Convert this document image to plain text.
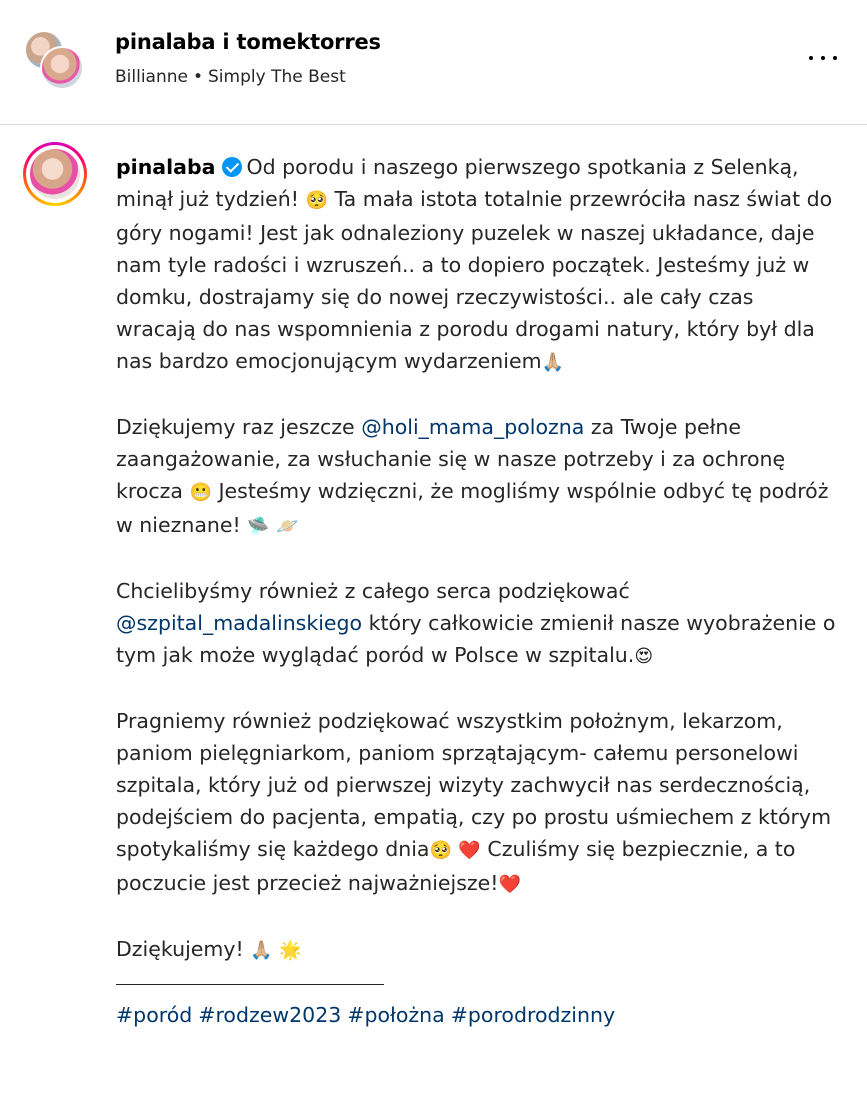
pinalaba i tomektorres
Billianne • Simply The Best

pinalaba Od porodu i naszego pierwszego spotkania z Selenką, minął już tydzień! 🥺 Ta mała istota totalnie przewróciła nasz świat do góry nogami! Jest jak odnaleziony puzelek w naszej układance, daje nam tyle radości i wzruszeń.. a to dopiero początek. Jesteśmy już w domku, dostrajamy się do nowej rzeczywistości.. ale cały czas wracają do nas wspomnienia z porodu drogami natury, który był dla nas bardzo emocjonującym wydarzeniem🙏🏼

Dziękujemy raz jeszcze @holi_mama_polozna za Twoje pełne zaangażowanie, za wsłuchanie się w nasze potrzeby i za ochronę krocza 😬 Jesteśmy wdzięczni, że mogliśmy wspólnie odbyć tę podróż w nieznane! 🛸 🪐

Chcielibyśmy również z całego serca podziękować @szpital_madalinskiego który całkowicie zmienił nasze wyobrażenie o tym jak może wyglądać poród w Polsce w szpitalu.😍

Pragniemy również podziękować wszystkim położnym, lekarzom, paniom pielęgniarkom, paniom sprzątającym- całemu personelowi szpitala, który już od pierwszej wizyty zachwycił nas serdecznością, podejściem do pacjenta, empatią, czy po prostu uśmiechem z którym spotykaliśmy się każdego dnia🥺 ❤️ Czuliśmy się bezpiecznie, a to poczucie jest przecież najważniejsze!❤️

Dziękujemy! 🙏🏼 🌟

#poród #rodzew2023 #położna #porodrodzinny
